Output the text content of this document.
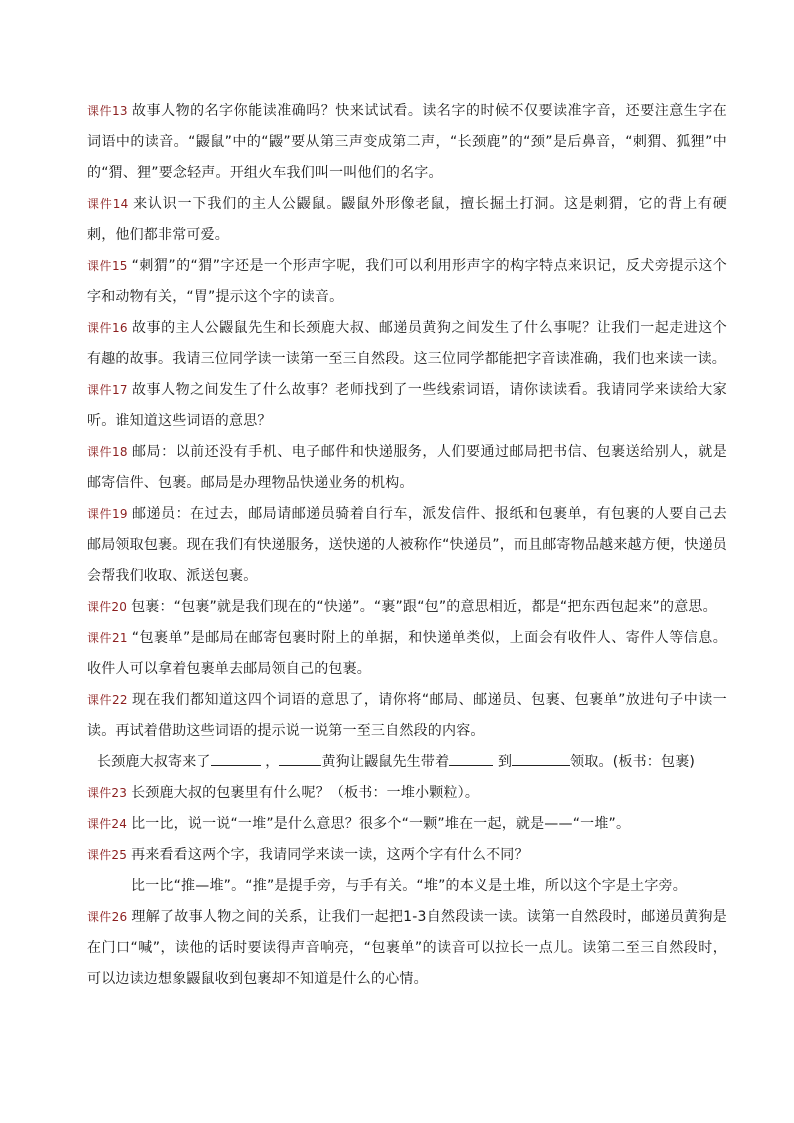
课件13 故事人物的名字你能读准确吗？快来试试看。读名字的时候不仅要读准字音，还要注意生字在词语中的读音。“鼹鼠”中的“鼹”要从第三声变成第二声，“长颈鹿”的“颈”是后鼻音，“刺猬、狐狸”中的“猬、狸”要念轻声。开组火车我们叫一叫他们的名字。

课件14 来认识一下我们的主人公鼹鼠。鼹鼠外形像老鼠，擅长掘土打洞。这是刺猬，它的背上有硬刺，他们都非常可爱。

课件15 “刺猬”的“猬”字还是一个形声字呢，我们可以利用形声字的构字特点来识记，反犬旁提示这个字和动物有关，“胃”提示这个字的读音。

课件16 故事的主人公鼹鼠先生和长颈鹿大叔、邮递员黄狗之间发生了什么事呢？让我们一起走进这个有趣的故事。我请三位同学读一读第一至三自然段。这三位同学都能把字音读准确，我们也来读一读。

课件17 故事人物之间发生了什么故事？老师找到了一些线索词语，请你读读看。我请同学来读给大家听。谁知道这些词语的意思？

课件18 邮局：以前还没有手机、电子邮件和快递服务，人们要通过邮局把书信、包裹送给别人，就是邮寄信件、包裹。邮局是办理物品快递业务的机构。

课件19 邮递员：在过去，邮局请邮递员骑着自行车，派发信件、报纸和包裹单，有包裹的人要自己去邮局领取包裹。现在我们有快递服务，送快递的人被称作“快递员”，而且邮寄物品越来越方便，快递员会帮我们收取、派送包裹。

课件20 包裹：“包裹”就是我们现在的“快递”。“裹”跟“包”的意思相近，都是“把东西包起来”的意思。

课件21 “包裹单”是邮局在邮寄包裹时附上的单据，和快递单类似，上面会有收件人、寄件人等信息。收件人可以拿着包裹单去邮局领自己的包裹。

课件22 现在我们都知道这四个词语的意思了，请你将“邮局、邮递员、包裹、包裹单”放进句子中读一读。再试着借助这些词语的提示说一说第一至三自然段的内容。

长颈鹿大叔寄来了	，	黄狗让鼹鼠先生带着	到	领取。(板书：包裹)

课件23 长颈鹿大叔的包裹里有什么呢？（板书：一堆小颗粒）。

课件24 比一比，说一说“一堆”是什么意思？很多个“一颗”堆在一起，就是——“一堆”。

课件25 再来看看这两个字，我请同学来读一读，这两个字有什么不同？

比一比“推—堆”。“推”是提手旁，与手有关。“堆”的本义是土堆，所以这个字是土字旁。

课件26 理解了故事人物之间的关系，让我们一起把1-3自然段读一读。读第一自然段时，邮递员黄狗是在门口“喊”，读他的话时要读得声音响亮，“包裹单”的读音可以拉长一点儿。读第二至三自然段时，可以边读边想象鼹鼠收到包裹却不知道是什么的心情。
